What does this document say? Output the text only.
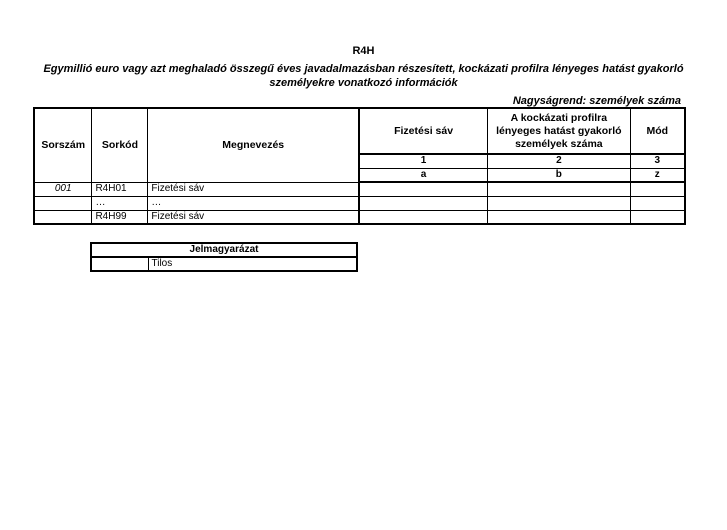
R4H
Egymillió euro vagy azt meghaladó összegű éves javadalmazásban részesített, kockázati profilra lényeges hatást gyakorló személyekre vonatkozó információk
Nagyságrend: személyek száma
Sorszám	Sorkód	Megnevezés	Fizetési sáv	A kockázati profilra lényeges hatást gyakorló személyek száma	Mód
			1	2	3
			a	b	z
001	R4H01	Fizetési sáv			
	…	…			
	R4H99	Fizetési sáv			
Jelmagyarázat
	Tilos
